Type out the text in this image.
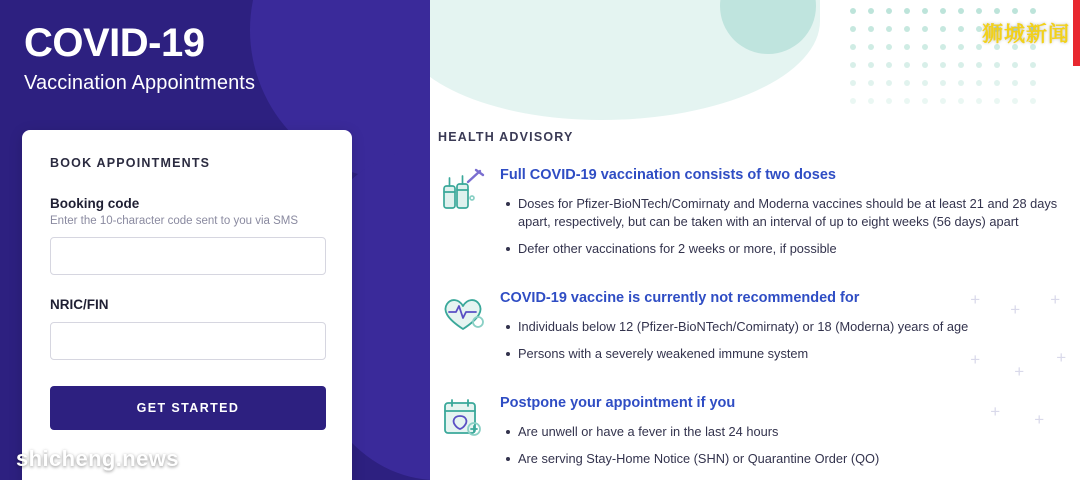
COVID-19

Vaccination Appointments

BOOK APPOINTMENTS

Booking code

Enter the 10-character code sent to you via SMS

NRIC/FIN

GET STARTED
+
+
+
+
+
+
+ +

HEALTH ADVISORY

Full COVID-19 vaccination consists of two doses

Doses for Pfizer-BioNTech/Comirnaty and Moderna vaccines should be at least 21 and 28 days apart, respectively, but can be taken with an interval of up to eight weeks (56 days) apart
Defer other vaccinations for 2 weeks or more, if possible

COVID-19 vaccine is currently not recommended for

Individuals below 12 (Pfizer-BioNTech/Comirnaty) or 18 (Moderna) years of age
Persons with a severely weakened immune system

Postpone your appointment if you

Are unwell or have a fever in the last 24 hours
Are serving Stay-Home Notice (SHN) or Quarantine Order (QO)
狮城新闻
shicheng.news
